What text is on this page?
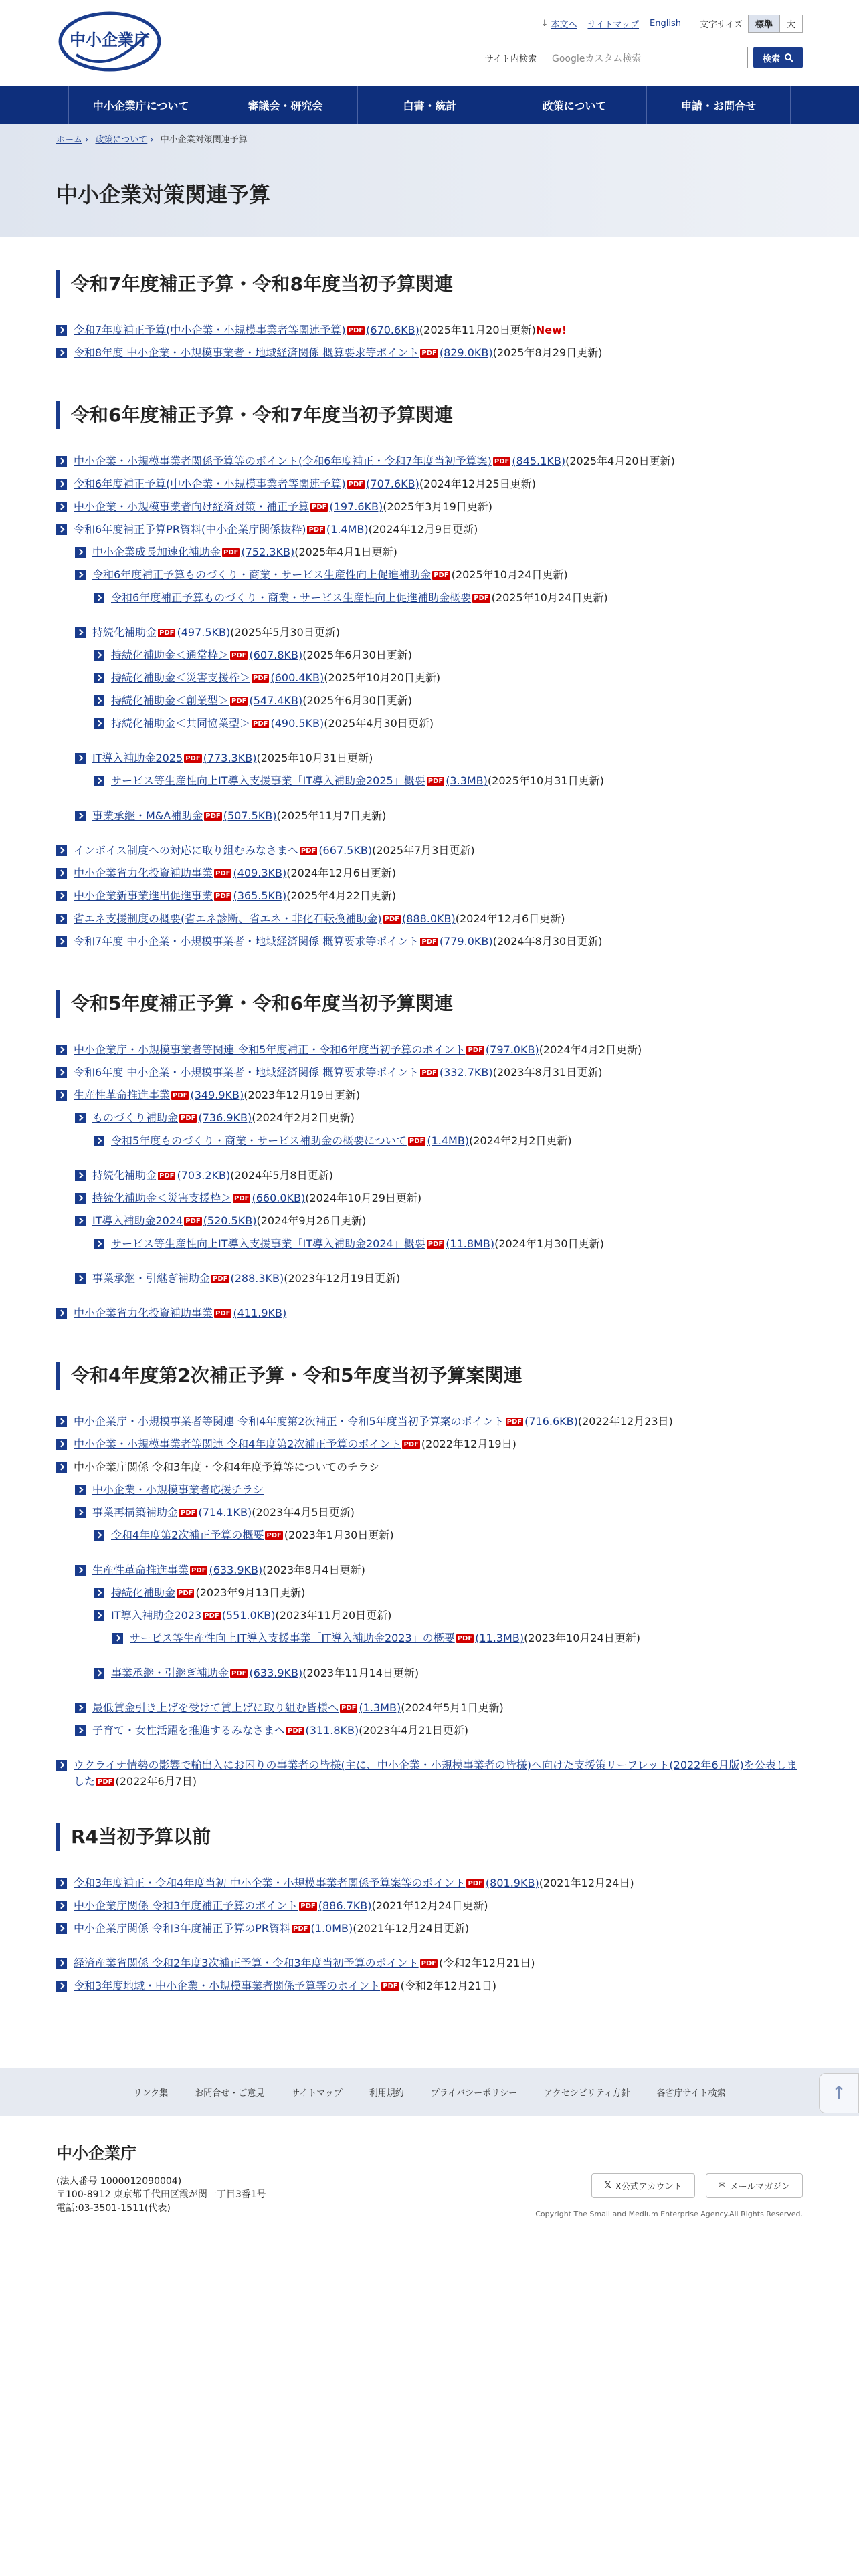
中小企業庁
↓ 本文へ サイトマップ English 文字サイズ	標準	大
サイト内検索	Googleカスタム検索	検索
中小企業庁について	審議会・研究会	白書・統計	政策について	申請・お問合せ
ホーム › 政策について › 中小企業対策関連予算
中小企業対策関連予算
令和7年度補正予算・令和8年度当初予算関連
令和7年度補正予算(中小企業・小規模事業者等関連予算) PDF (670.6KB)(2025年11月20日更新)New!
令和8年度 中小企業・小規模事業者・地域経済関係 概算要求等ポイント PDF (829.0KB)(2025年8月29日更新)
令和6年度補正予算・令和7年度当初予算関連
中小企業・小規模事業者関係予算等のポイント(令和6年度補正・令和7年度当初予算案) PDF (845.1KB)(2025年4月20日更新)
令和6年度補正予算(中小企業・小規模事業者等関連予算) PDF (707.6KB)(2024年12月25日更新)
中小企業・小規模事業者向け経済対策・補正予算 PDF (197.6KB)(2025年3月19日更新)
令和6年度補正予算PR資料(中小企業庁関係抜粋) PDF (1.4MB)(2024年12月9日更新)
中小企業成長加速化補助金 PDF (752.3KB)(2025年4月1日更新)
令和6年度補正予算ものづくり・商業・サービス生産性向上促進補助金 PDF (2025年10月24日更新)
令和6年度補正予算ものづくり・商業・サービス生産性向上促進補助金概要 PDF (2025年10月24日更新)
持続化補助金 PDF (497.5KB)(2025年5月30日更新)
持続化補助金＜通常枠＞ PDF (607.8KB)(2025年6月30日更新)
持続化補助金＜災害支援枠＞ PDF (600.4KB)(2025年10月20日更新)
持続化補助金＜創業型＞ PDF (547.4KB)(2025年6月30日更新)
持続化補助金＜共同協業型＞ PDF (490.5KB)(2025年4月30日更新)
IT導入補助金2025 PDF (773.3KB)(2025年10月31日更新)
サービス等生産性向上IT導入支援事業「IT導入補助金2025」概要 PDF (3.3MB)(2025年10月31日更新)
事業承継・M&A補助金 PDF (507.5KB)(2025年11月7日更新)
インボイス制度への対応に取り組むみなさまへ PDF (667.5KB)(2025年7月3日更新)
中小企業省力化投資補助事業 PDF (409.3KB)(2024年12月6日更新)
中小企業新事業進出促進事業 PDF (365.5KB)(2025年4月22日更新)
省エネ支援制度の概要(省エネ診断、省エネ・非化石転換補助金) PDF (888.0KB)(2024年12月6日更新)
令和7年度 中小企業・小規模事業者・地域経済関係 概算要求等ポイント PDF (779.0KB)(2024年8月30日更新)
令和5年度補正予算・令和6年度当初予算関連
中小企業庁・小規模事業者等関連 令和5年度補正・令和6年度当初予算のポイント PDF (797.0KB)(2024年4月2日更新)
令和6年度 中小企業・小規模事業者・地域経済関係 概算要求等ポイント PDF (332.7KB)(2023年8月31日更新)
生産性革命推進事業 PDF (349.9KB)(2023年12月19日更新)
ものづくり補助金 PDF (736.9KB)(2024年2月2日更新)
令和5年度ものづくり・商業・サービス補助金の概要について PDF (1.4MB)(2024年2月2日更新)
持続化補助金 PDF (703.2KB)(2024年5月8日更新)
持続化補助金＜災害支援枠＞ PDF (660.0KB)(2024年10月29日更新)
IT導入補助金2024 PDF (520.5KB)(2024年9月26日更新)
サービス等生産性向上IT導入支援事業「IT導入補助金2024」概要 PDF (11.8MB)(2024年1月30日更新)
事業承継・引継ぎ補助金 PDF (288.3KB)(2023年12月19日更新)
中小企業省力化投資補助事業 PDF (411.9KB)
令和4年度第2次補正予算・令和5年度当初予算案関連
中小企業庁・小規模事業者等関連 令和4年度第2次補正・令和5年度当初予算案のポイント PDF (716.6KB)(2022年12月23日)
中小企業・小規模事業者等関連 令和4年度第2次補正予算のポイント PDF (2022年12月19日)
中小企業庁関係 令和3年度・令和4年度予算等についてのチラシ
中小企業・小規模事業者応援チラシ
事業再構築補助金 PDF (714.1KB)(2023年4月5日更新)
令和4年度第2次補正予算の概要 PDF (2023年1月30日更新)
生産性革命推進事業 PDF (633.9KB)(2023年8月4日更新)
持続化補助金 PDF (2023年9月13日更新)
IT導入補助金2023 PDF (551.0KB)(2023年11月20日更新)
サービス等生産性向上IT導入支援事業「IT導入補助金2023」の概要 PDF (11.3MB)(2023年10月24日更新)
事業承継・引継ぎ補助金 PDF (633.9KB)(2023年11月14日更新)
最低賃金引き上げを受けて賃上げに取り組む皆様へ PDF (1.3MB)(2024年5月1日更新)
子育て・女性活躍を推進するみなさまへ PDF (311.8KB)(2023年4月21日更新)
ウクライナ情勢の影響で輸出入にお困りの事業者の皆様(主に、中小企業・小規模事業者の皆様)へ向けた支援策リーフレット(2022年6月版)を公表しました PDF (2022年6月7日)
R4当初予算以前
令和3年度補正・令和4年度当初 中小企業・小規模事業者関係予算案等のポイント PDF (801.9KB)(2021年12月24日)
中小企業庁関係 令和3年度補正予算のポイント PDF (886.7KB)(2021年12月24日更新)
中小企業庁関係 令和3年度補正予算のPR資料 PDF (1.0MB)(2021年12月24日更新)
経済産業省関係 令和2年度3次補正予算・令和3年度当初予算のポイント PDF (令和2年12月21日)
令和3年度地域・中小企業・小規模事業者関係予算等のポイント PDF (令和2年12月21日)
リンク集	お問合せ・ご意見	サイトマップ	利用規約	プライバシーポリシー	アクセシビリティ方針	各省庁サイト検索
中小企業庁
(法人番号 1000012090004)
〒100-8912 東京都千代田区霞が関一丁目3番1号
電話:03-3501-1511(代表)
𝕏 X公式アカウント	✉ メールマガジン
Copyright The Small and Medium Enterprise Agency.All Rights Reserved.
↑
